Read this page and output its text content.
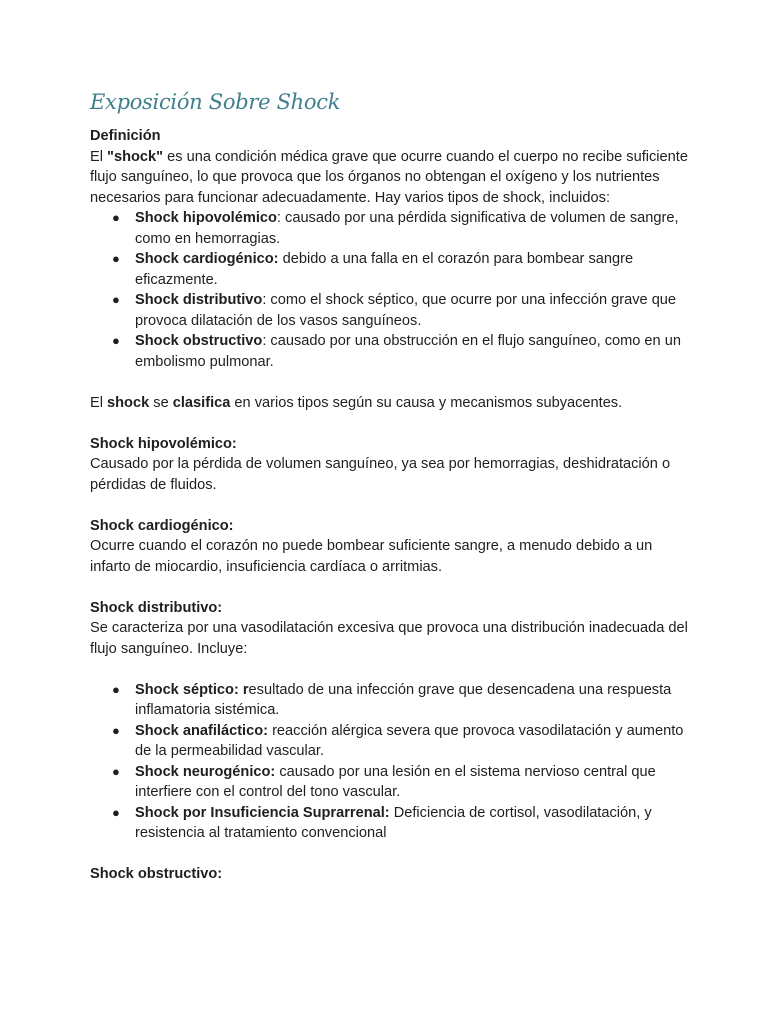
Exposición Sobre Shock

Definición

El "shock" es una condición médica grave que ocurre cuando el cuerpo no recibe suficiente flujo sanguíneo, lo que provoca que los órganos no obtengan el oxígeno y los nutrientes necesarios para funcionar adecuadamente. Hay varios tipos de shock, incluidos:

● Shock hipovolémico: causado por una pérdida significativa de volumen de sangre, como en hemorragias.
● Shock cardiogénico: debido a una falla en el corazón para bombear sangre eficazmente.
● Shock distributivo: como el shock séptico, que ocurre por una infección grave que provoca dilatación de los vasos sanguíneos.
● Shock obstructivo: causado por una obstrucción en el flujo sanguíneo, como en un embolismo pulmonar.

El shock se clasifica en varios tipos según su causa y mecanismos subyacentes.

Shock hipovolémico:

Causado por la pérdida de volumen sanguíneo, ya sea por hemorragias, deshidratación o pérdidas de fluidos.

Shock cardiogénico:

Ocurre cuando el corazón no puede bombear suficiente sangre, a menudo debido a un infarto de miocardio, insuficiencia cardíaca o arritmias.

Shock distributivo:

Se caracteriza por una vasodilatación excesiva que provoca una distribución inadecuada del flujo sanguíneo. Incluye:

● Shock séptico: resultado de una infección grave que desencadena una respuesta inflamatoria sistémica.
● Shock anafiláctico: reacción alérgica severa que provoca vasodilatación y aumento de la permeabilidad vascular.
● Shock neurogénico: causado por una lesión en el sistema nervioso central que interfiere con el control del tono vascular.
● Shock por Insuficiencia Suprarrenal: Deficiencia de cortisol, vasodilatación, y resistencia al tratamiento convencional

Shock obstructivo:
